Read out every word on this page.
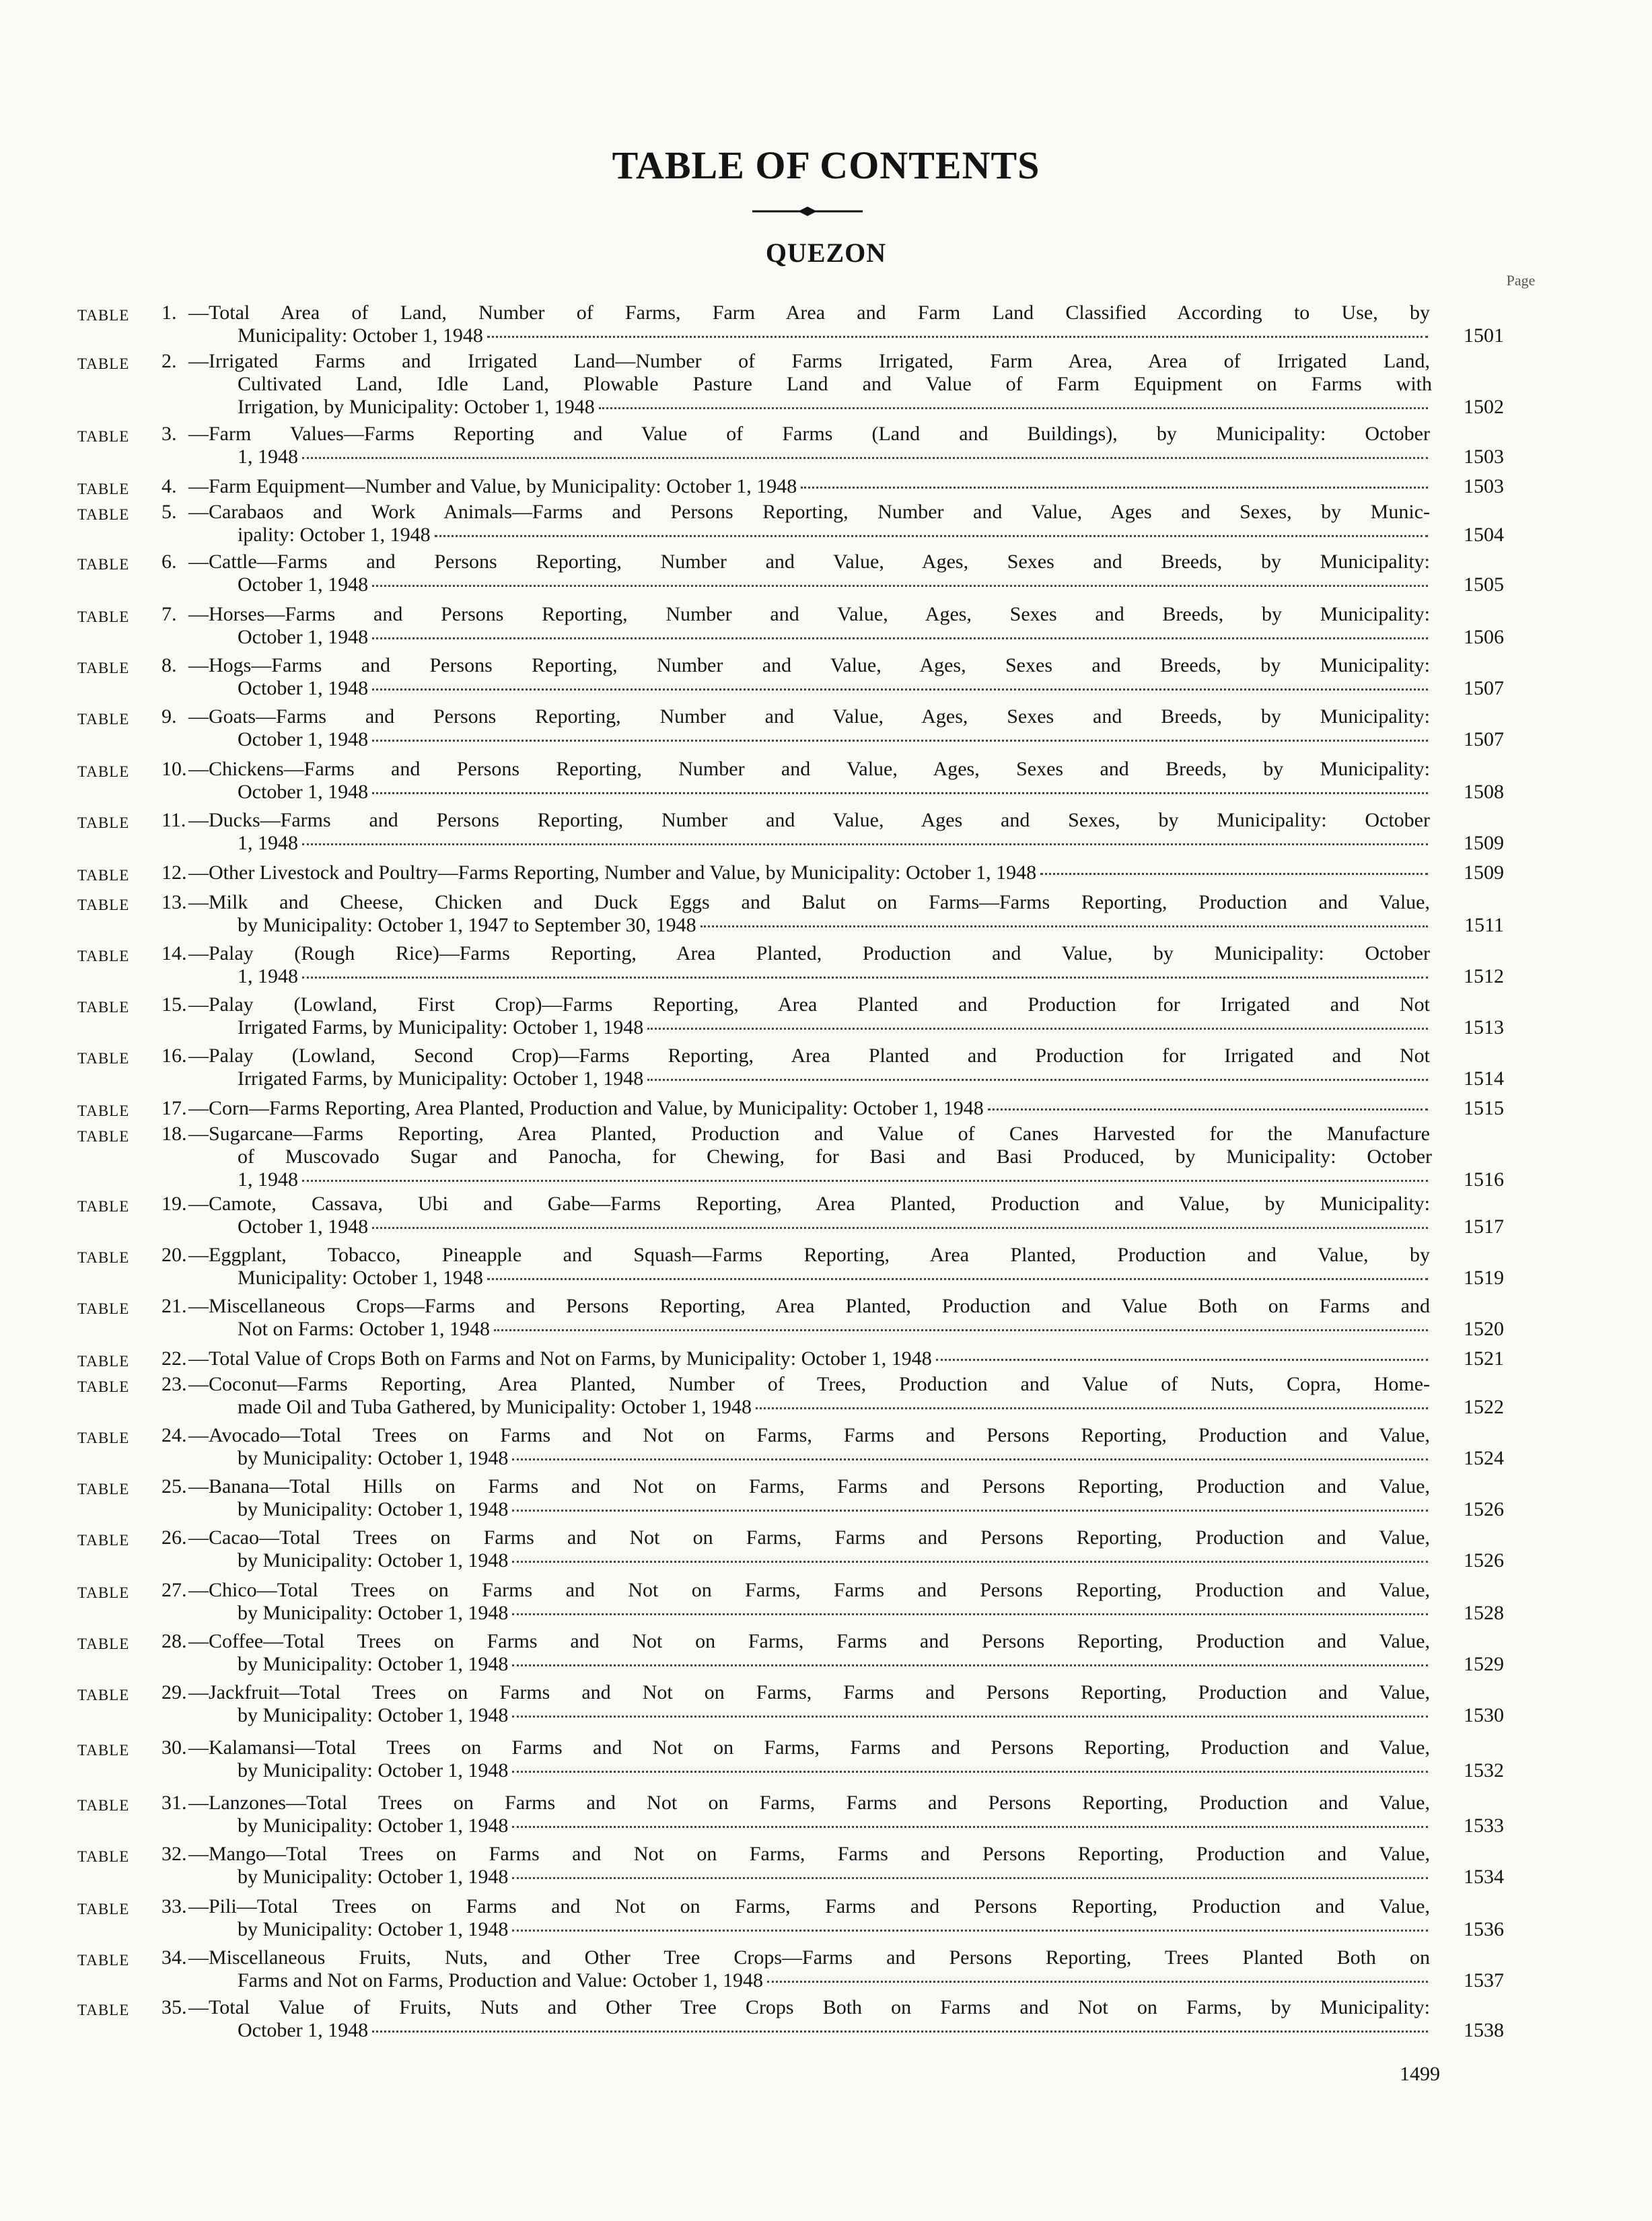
TABLE OF CONTENTS
QUEZON
Page
TABLE 1. —Total Area of Land, Number of Farms, Farm Area and Farm Land Classified According to Use, by
Municipality: October 1, 1948	1501
TABLE 2. —Irrigated Farms and Irrigated Land—Number of Farms Irrigated, Farm Area, Area of Irrigated Land,
Cultivated Land, Idle Land, Plowable Pasture Land and Value of Farm Equipment on Farms with
Irrigation, by Municipality: October 1, 1948	1502
TABLE 3. —Farm Values—Farms Reporting and Value of Farms (Land and Buildings), by Municipality: October
1, 1948	1503
TABLE 4. —Farm Equipment—Number and Value, by Municipality: October 1, 1948	1503
TABLE 5. —Carabaos and Work Animals—Farms and Persons Reporting, Number and Value, Ages and Sexes, by Munic-
ipality: October 1, 1948	1504
TABLE 6. —Cattle—Farms and Persons Reporting, Number and Value, Ages, Sexes and Breeds, by Municipality:
October 1, 1948	1505
TABLE 7. —Horses—Farms and Persons Reporting, Number and Value, Ages, Sexes and Breeds, by Municipality:
October 1, 1948	1506
TABLE 8. —Hogs—Farms and Persons Reporting, Number and Value, Ages, Sexes and Breeds, by Municipality:
October 1, 1948	1507
TABLE 9. —Goats—Farms and Persons Reporting, Number and Value, Ages, Sexes and Breeds, by Municipality:
October 1, 1948	1507
TABLE 10. —Chickens—Farms and Persons Reporting, Number and Value, Ages, Sexes and Breeds, by Municipality:
October 1, 1948	1508
TABLE 11. —Ducks—Farms and Persons Reporting, Number and Value, Ages and Sexes, by Municipality: October
1, 1948	1509
TABLE 12. —Other Livestock and Poultry—Farms Reporting, Number and Value, by Municipality: October 1, 1948	1509
TABLE 13. —Milk and Cheese, Chicken and Duck Eggs and Balut on Farms—Farms Reporting, Production and Value,
by Municipality: October 1, 1947 to September 30, 1948	1511
TABLE 14. —Palay (Rough Rice)—Farms Reporting, Area Planted, Production and Value, by Municipality: October
1, 1948	1512
TABLE 15. —Palay (Lowland, First Crop)—Farms Reporting, Area Planted and Production for Irrigated and Not
Irrigated Farms, by Municipality: October 1, 1948	1513
TABLE 16. —Palay (Lowland, Second Crop)—Farms Reporting, Area Planted and Production for Irrigated and Not
Irrigated Farms, by Municipality: October 1, 1948	1514
TABLE 17. —Corn—Farms Reporting, Area Planted, Production and Value, by Municipality: October 1, 1948	1515
TABLE 18. —Sugarcane—Farms Reporting, Area Planted, Production and Value of Canes Harvested for the Manufacture
of Muscovado Sugar and Panocha, for Chewing, for Basi and Basi Produced, by Municipality: October
1, 1948	1516
TABLE 19. —Camote, Cassava, Ubi and Gabe—Farms Reporting, Area Planted, Production and Value, by Municipality:
October 1, 1948	1517
TABLE 20. —Eggplant, Tobacco, Pineapple and Squash—Farms Reporting, Area Planted, Production and Value, by
Municipality: October 1, 1948	1519
TABLE 21. —Miscellaneous Crops—Farms and Persons Reporting, Area Planted, Production and Value Both on Farms and
Not on Farms: October 1, 1948	1520
TABLE 22. —Total Value of Crops Both on Farms and Not on Farms, by Municipality: October 1, 1948	1521
TABLE 23. —Coconut—Farms Reporting, Area Planted, Number of Trees, Production and Value of Nuts, Copra, Home-
made Oil and Tuba Gathered, by Municipality: October 1, 1948	1522
TABLE 24. —Avocado—Total Trees on Farms and Not on Farms, Farms and Persons Reporting, Production and Value,
by Municipality: October 1, 1948	1524
TABLE 25. —Banana—Total Hills on Farms and Not on Farms, Farms and Persons Reporting, Production and Value,
by Municipality: October 1, 1948	1526
TABLE 26. —Cacao—Total Trees on Farms and Not on Farms, Farms and Persons Reporting, Production and Value,
by Municipality: October 1, 1948	1526
TABLE 27. —Chico—Total Trees on Farms and Not on Farms, Farms and Persons Reporting, Production and Value,
by Municipality: October 1, 1948	1528
TABLE 28. —Coffee—Total Trees on Farms and Not on Farms, Farms and Persons Reporting, Production and Value,
by Municipality: October 1, 1948	1529
TABLE 29. —Jackfruit—Total Trees on Farms and Not on Farms, Farms and Persons Reporting, Production and Value,
by Municipality: October 1, 1948	1530
TABLE 30. —Kalamansi—Total Trees on Farms and Not on Farms, Farms and Persons Reporting, Production and Value,
by Municipality: October 1, 1948	1532
TABLE 31. —Lanzones—Total Trees on Farms and Not on Farms, Farms and Persons Reporting, Production and Value,
by Municipality: October 1, 1948	1533
TABLE 32. —Mango—Total Trees on Farms and Not on Farms, Farms and Persons Reporting, Production and Value,
by Municipality: October 1, 1948	1534
TABLE 33. —Pili—Total Trees on Farms and Not on Farms, Farms and Persons Reporting, Production and Value,
by Municipality: October 1, 1948	1536
TABLE 34. —Miscellaneous Fruits, Nuts, and Other Tree Crops—Farms and Persons Reporting, Trees Planted Both on
Farms and Not on Farms, Production and Value: October 1, 1948	1537
TABLE 35. —Total Value of Fruits, Nuts and Other Tree Crops Both on Farms and Not on Farms, by Municipality:
October 1, 1948	1538
1499
